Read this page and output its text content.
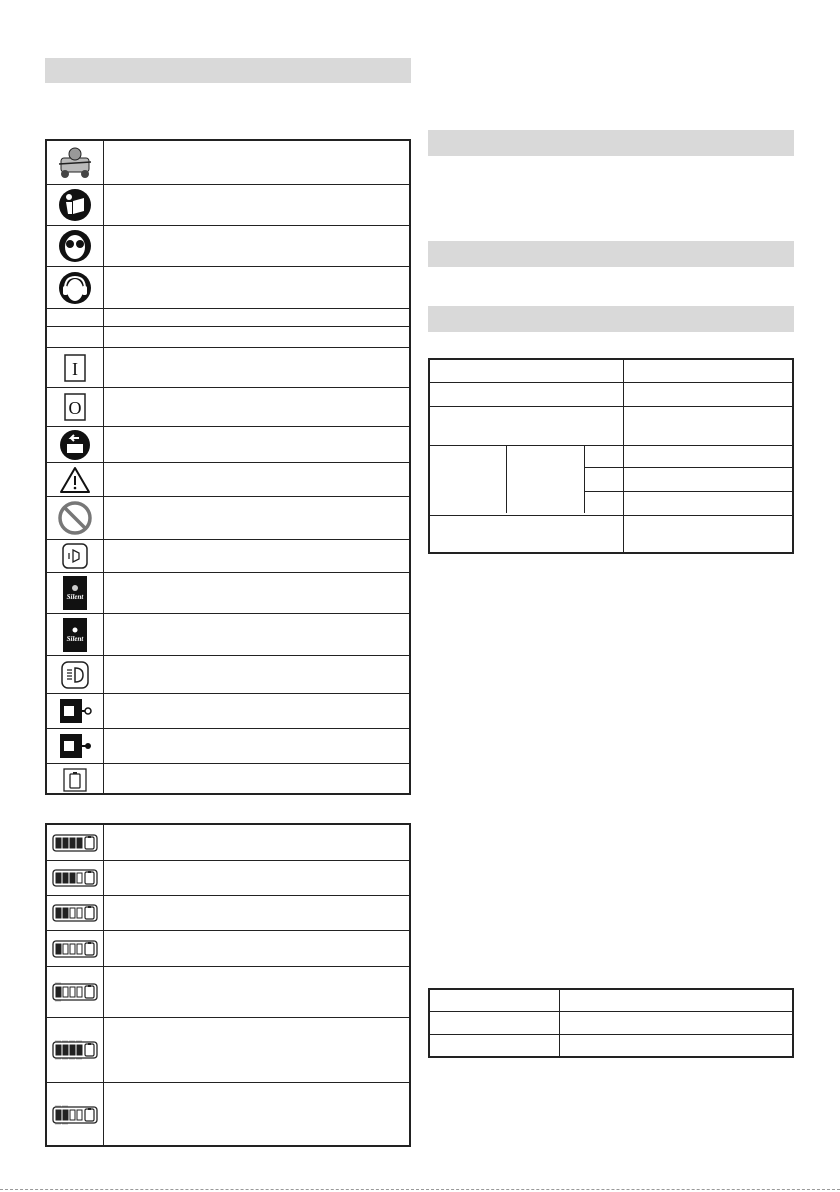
I
O
Silent
Silent
